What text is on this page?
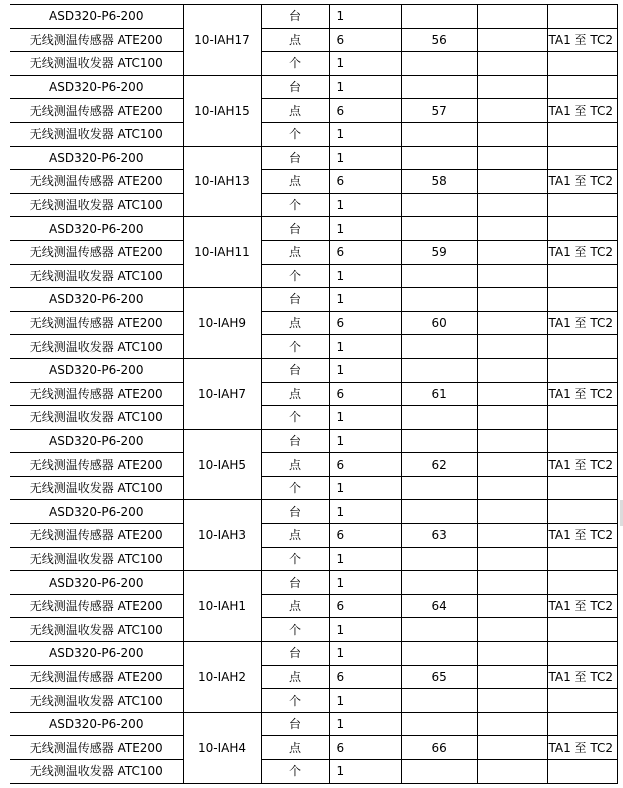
ASD320-P6-200	10-IAH17	台	1			
无线测温传感器 ATE200		点	6	56		TA1 至 TC2
无线测温收发器 ATC100		个	1			
ASD320-P6-200	10-IAH15	台	1			
无线测温传感器 ATE200		点	6	57		TA1 至 TC2
无线测温收发器 ATC100		个	1			
ASD320-P6-200	10-IAH13	台	1			
无线测温传感器 ATE200		点	6	58		TA1 至 TC2
无线测温收发器 ATC100		个	1			
ASD320-P6-200	10-IAH11	台	1			
无线测温传感器 ATE200		点	6	59		TA1 至 TC2
无线测温收发器 ATC100		个	1			
ASD320-P6-200	10-IAH9	台	1			
无线测温传感器 ATE200		点	6	60		TA1 至 TC2
无线测温收发器 ATC100		个	1			
ASD320-P6-200	10-IAH7	台	1			
无线测温传感器 ATE200		点	6	61		TA1 至 TC2
无线测温收发器 ATC100		个	1			
ASD320-P6-200	10-IAH5	台	1			
无线测温传感器 ATE200		点	6	62		TA1 至 TC2
无线测温收发器 ATC100		个	1			
ASD320-P6-200	10-IAH3	台	1			
无线测温传感器 ATE200		点	6	63		TA1 至 TC2
无线测温收发器 ATC100		个	1			
ASD320-P6-200	10-IAH1	台	1			
无线测温传感器 ATE200		点	6	64		TA1 至 TC2
无线测温收发器 ATC100		个	1			
ASD320-P6-200	10-IAH2	台	1			
无线测温传感器 ATE200		点	6	65		TA1 至 TC2
无线测温收发器 ATC100		个	1			
ASD320-P6-200	10-IAH4	台	1			
无线测温传感器 ATE200		点	6	66		TA1 至 TC2
无线测温收发器 ATC100		个	1			
